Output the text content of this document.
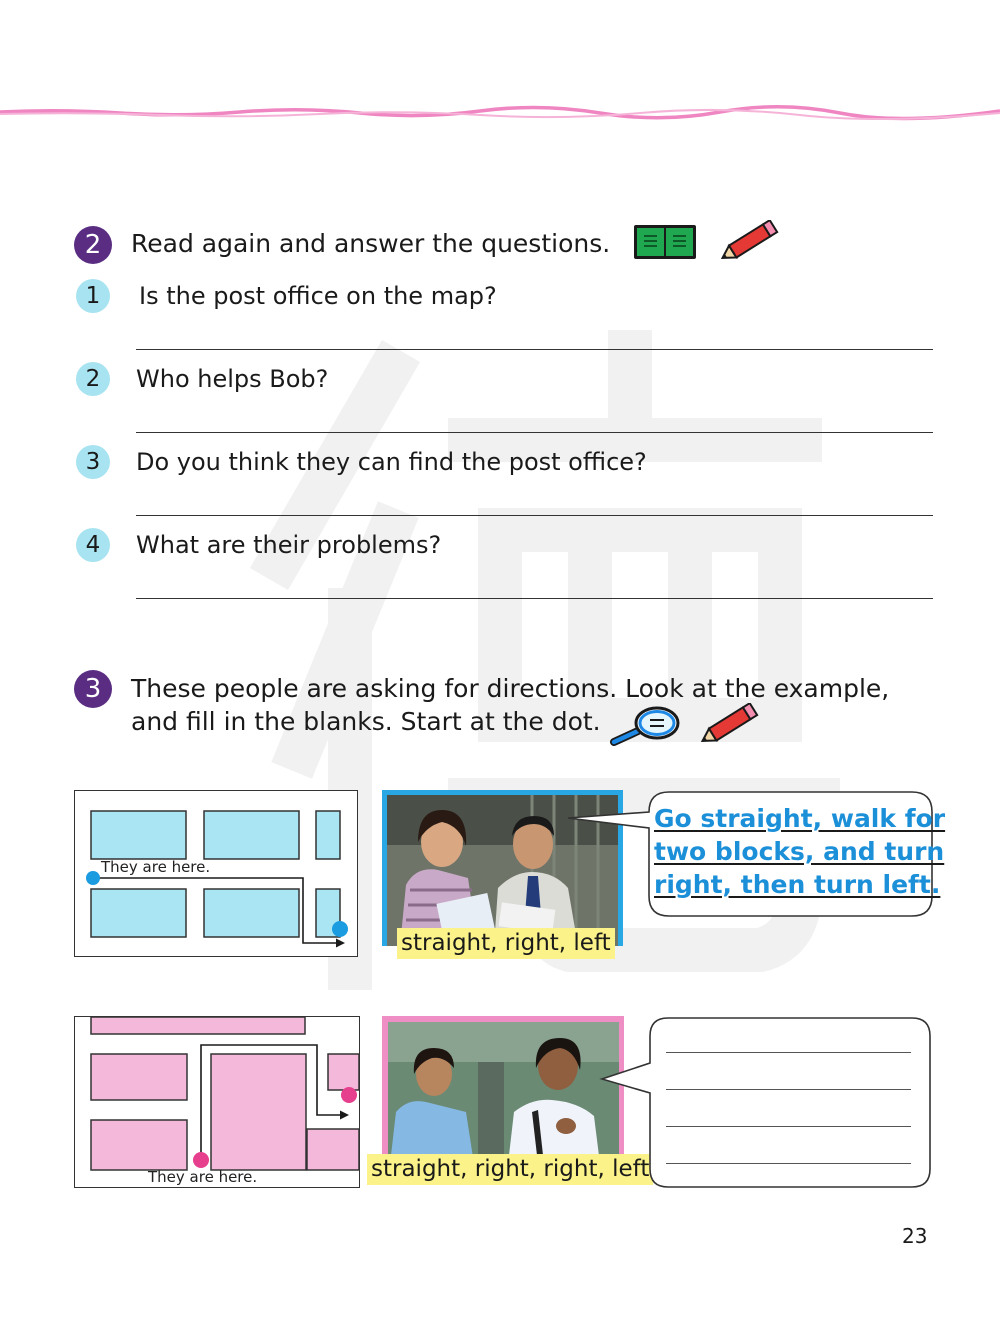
2 Read again and answer the questions.
1 Is the post office on the map?
2 Who helps Bob?
3 Do you think they can find the post office?
4 What are their problems?
3 These people are asking for directions. Look at the example,
and fill in the blanks. Start at the dot.
They are here.
straight, right, left
Go straight, walk for
two blocks, and turn
right, then turn left.
They are here.	straight, right, right, left
23
